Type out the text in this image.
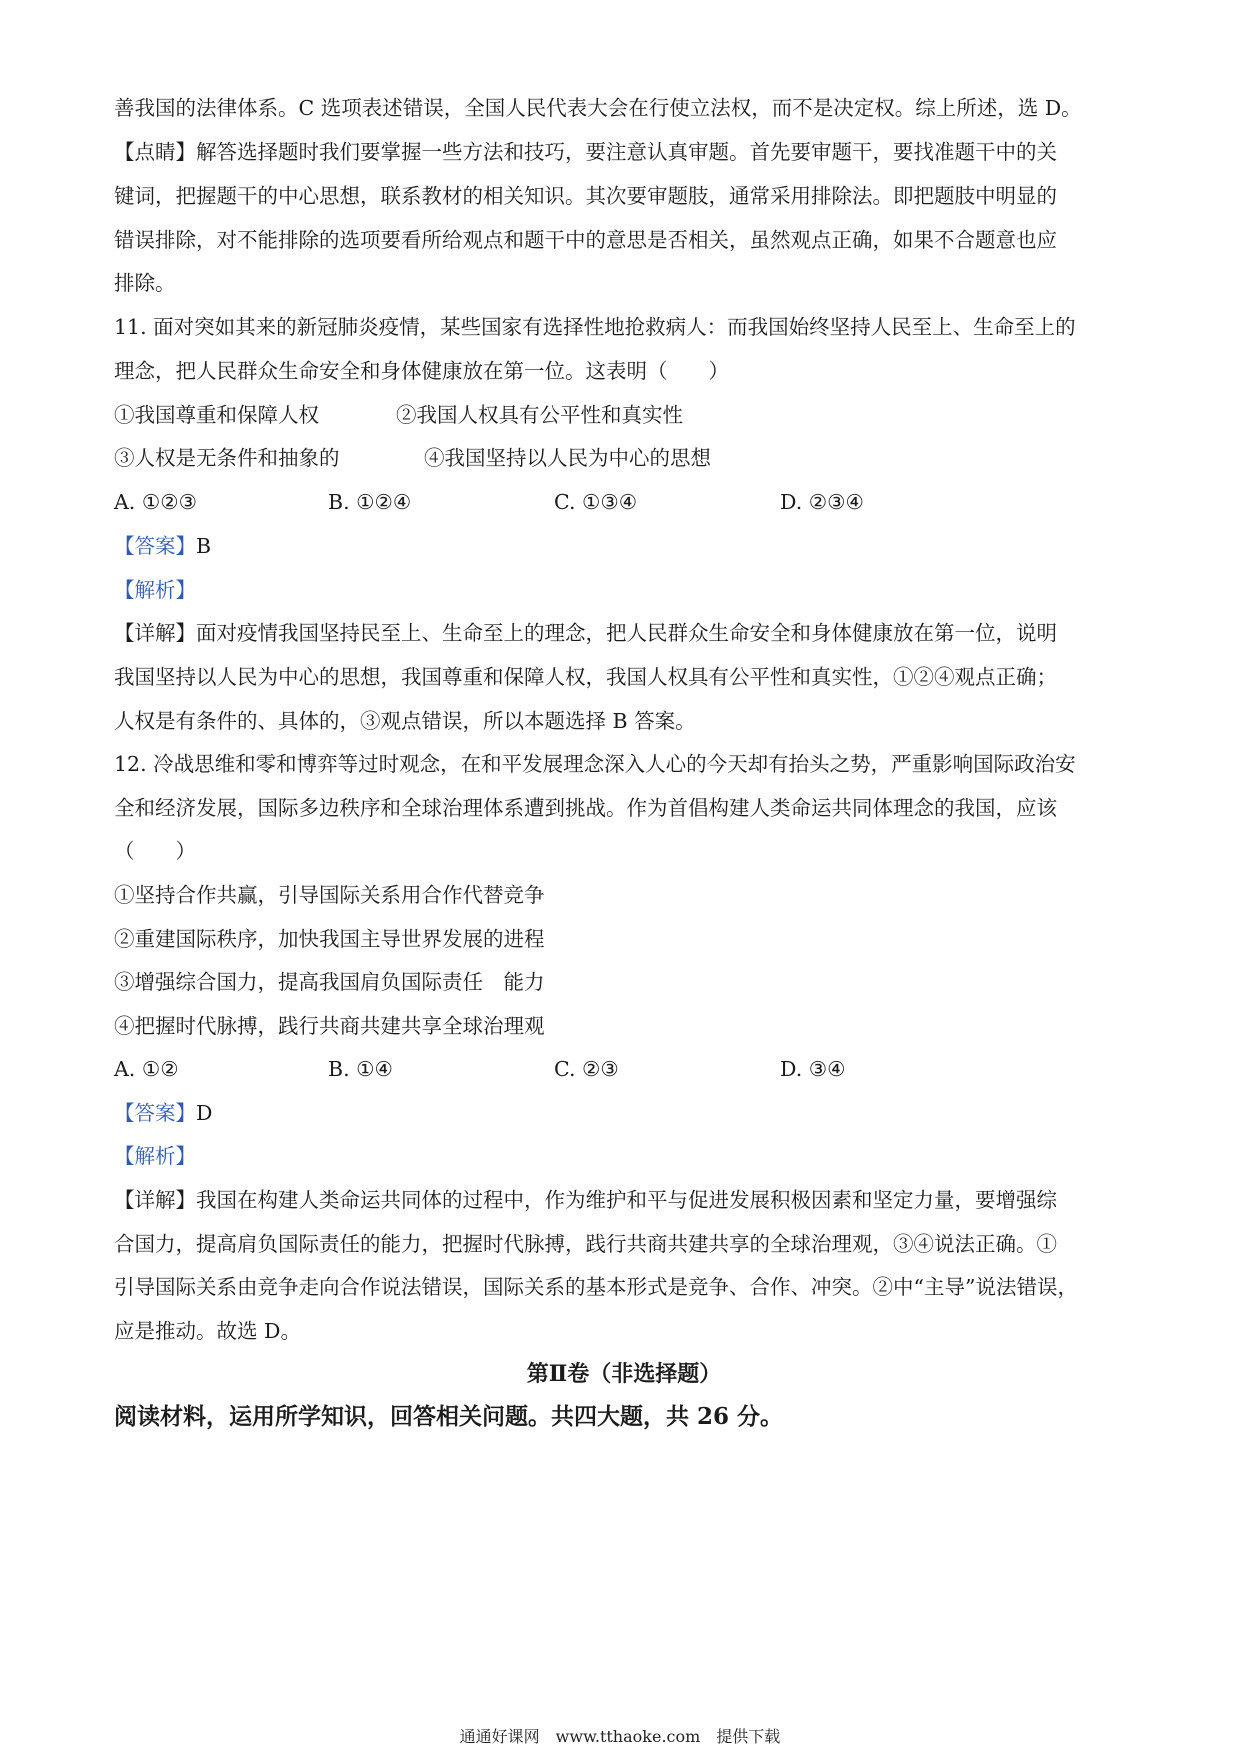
善我国的法律体系。C 选项表述错误，全国人民代表大会在行使立法权，而不是决定权。综上所述，选 D。
【点睛】解答选择题时我们要掌握一些方法和技巧，要注意认真审题。首先要审题干，要找准题干中的关
键词，把握题干的中心思想，联系教材的相关知识。其次要审题肢，通常采用排除法。即把题肢中明显的
错误排除，对不能排除的选项要看所给观点和题干中的意思是否相关，虽然观点正确，如果不合题意也应
排除。
11. 面对突如其来的新冠肺炎疫情，某些国家有选择性地抢救病人：而我国始终坚持人民至上、生命至上的
理念，把人民群众生命安全和身体健康放在第一位。这表明（　　）
①我国尊重和保障人权	②我国人权具有公平性和真实性
③人权是无条件和抽象的	④我国坚持以人民为中心的思想
A. ①②③	B. ①②④	C. ①③④	D. ②③④
【答案】B
【解析】
【详解】面对疫情我国坚持民至上、生命至上的理念，把人民群众生命安全和身体健康放在第一位，说明
我国坚持以人民为中心的思想，我国尊重和保障人权，我国人权具有公平性和真实性，①②④观点正确；
人权是有条件的、具体的，③观点错误，所以本题选择 B 答案。
12. 冷战思维和零和博弈等过时观念，在和平发展理念深入人心的今天却有抬头之势，严重影响国际政治安
全和经济发展，国际多边秩序和全球治理体系遭到挑战。作为首倡构建人类命运共同体理念的我国，应该
（　　）
①坚持合作共赢，引导国际关系用合作代替竞争
②重建国际秩序，加快我国主导世界发展的进程
③增强综合国力，提高我国肩负国际责任　能力
④把握时代脉搏，践行共商共建共享全球治理观
A. ①②	B. ①④	C. ②③	D. ③④
【答案】D
【解析】
【详解】我国在构建人类命运共同体的过程中，作为维护和平与促进发展积极因素和坚定力量，要增强综
合国力，提高肩负国际责任的能力，把握时代脉搏，践行共商共建共享的全球治理观，③④说法正确。①
引导国际关系由竞争走向合作说法错误，国际关系的基本形式是竞争、合作、冲突。②中“主导”说法错误，
应是推动。故选 D。
第Ⅱ卷（非选择题）
阅读材料，运用所学知识，回答相关问题。共四大题，共 26 分。
通通好课网　www.tthaoke.com　提供下载
